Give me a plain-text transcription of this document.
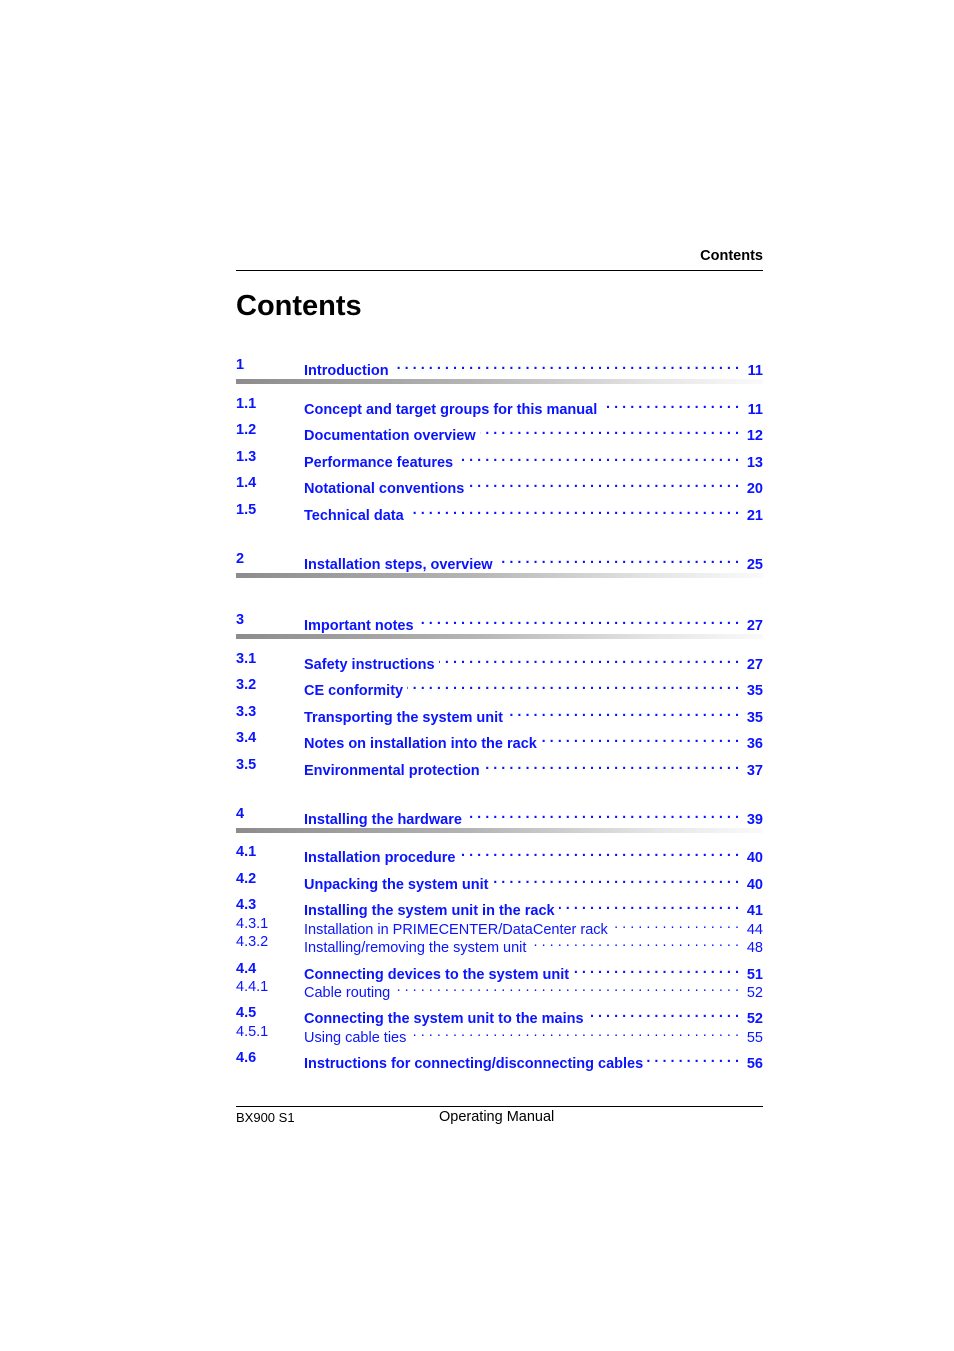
Contents
Contents
1	Introduction . . .	11
1.1	Concept and target groups for this manual . . .	11
1.2	Documentation overview . . .	12
1.3	Performance features . . .	13
1.4	Notational conventions . . .	20
1.5	Technical data . . .	21
2	Installation steps, overview . . .	25
3	Important notes . . .	27
3.1	Safety instructions . . .	27
3.2	CE conformity . . .	35
3.3	Transporting the system unit . . .	35
3.4	Notes on installation into the rack . . .	36
3.5	Environmental protection . . .	37
4	Installing the hardware . . .	39
4.1	Installation procedure . . .	40
4.2	Unpacking the system unit . . .	40
4.3	Installing the system unit in the rack . . .	41
4.3.1 Installation in PRIMECENTER/DataCenter rack . . .	44
4.3.2 Installing/removing the system unit . . .	48
4.4	Connecting devices to the system unit . . .	51
4.4.1 Cable routing . . .	52
4.5	Connecting the system unit to the mains . . .	52
4.5.1 Using cable ties . . .	55
4.6	Instructions for connecting/disconnecting cables . . .	56
BX900 S1	Operating Manual
